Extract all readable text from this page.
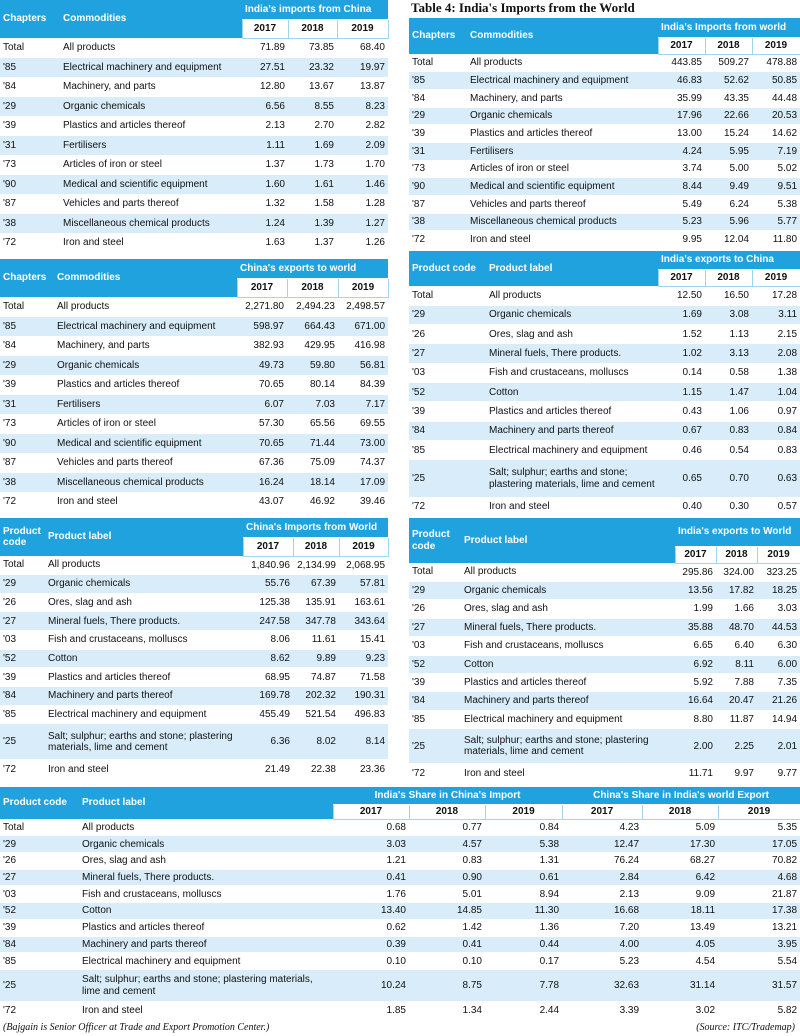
Table 4: India's Imports from the World
Chapters	Commodities	India's imports from China		
		2017	2018	2019
Total	All products	71.89	73.85	68.40
'85	Electrical machinery and equipment	27.51	23.32	19.97
'84	Machinery, and parts	12.80	13.67	13.87
'29	Organic chemicals	6.56	8.55	8.23
'39	Plastics and articles thereof	2.13	2.70	2.82
'31	Fertilisers	1.11	1.69	2.09
'73	Articles of iron or steel	1.37	1.73	1.70
'90	Medical and scientific equipment	1.60	1.61	1.46
'87	Vehicles and parts thereof	1.32	1.58	1.28
'38	Miscellaneous chemical products	1.24	1.39	1.27
'72	Iron and steel	1.63	1.37	1.26
Chapters	Commodities	China's exports to world		
		2017	2018	2019
Total	All products	2,271.80	2,494.23	2,498.57
'85	Electrical machinery and equipment	598.97	664.43	671.00
'84	Machinery, and parts	382.93	429.95	416.98
'29	Organic chemicals	49.73	59.80	56.81
'39	Plastics and articles thereof	70.65	80.14	84.39
'31	Fertilisers	6.07	7.03	7.17
'73	Articles of iron or steel	57.30	65.56	69.55
'90	Medical and scientific equipment	70.65	71.44	73.00
'87	Vehicles and parts thereof	67.36	75.09	74.37
'38	Miscellaneous chemical products	16.24	18.14	17.09
'72	Iron and steel	43.07	46.92	39.46
Product code	Product label	China's Imports from World		
		2017	2018	2019
Total	All products	1,840.96	2,134.99	2,068.95
'29	Organic chemicals	55.76	67.39	57.81
'26	Ores, slag and ash	125.38	135.91	163.61
'27	Mineral fuels, There products.	247.58	347.78	343.64
'03	Fish and crustaceans, molluscs	8.06	11.61	15.41
'52	Cotton	8.62	9.89	9.23
'39	Plastics and articles thereof	68.95	74.87	71.58
'84	Machinery and parts thereof	169.78	202.32	190.31
'85	Electrical machinery and equipment	455.49	521.54	496.83
'25	Salt; sulphur; earths and stone; plastering materials, lime and cement	6.36	8.02	8.14
'72	Iron and steel	21.49	22.38	23.36
Chapters	Commodities	India's Imports from world		
		2017	2018	2019
Total	All products	443.85	509.27	478.88
'85	Electrical machinery and equipment	46.83	52.62	50.85
'84	Machinery, and parts	35.99	43.35	44.48
'29	Organic chemicals	17.96	22.66	20.53
'39	Plastics and articles thereof	13.00	15.24	14.62
'31	Fertilisers	4.24	5.95	7.19
'73	Articles of iron or steel	3.74	5.00	5.02
'90	Medical and scientific equipment	8.44	9.49	9.51
'87	Vehicles and parts thereof	5.49	6.24	5.38
'38	Miscellaneous chemical products	5.23	5.96	5.77
'72	Iron and steel	9.95	12.04	11.80
Product code	Product label	India's exports to China		
		2017	2018	2019
Total	All products	12.50	16.50	17.28
'29	Organic chemicals	1.69	3.08	3.11
'26	Ores, slag and ash	1.52	1.13	2.15
'27	Mineral fuels, There products.	1.02	3.13	2.08
'03	Fish and crustaceans, molluscs	0.14	0.58	1.38
'52	Cotton	1.15	1.47	1.04
'39	Plastics and articles thereof	0.43	1.06	0.97
'84	Machinery and parts thereof	0.67	0.83	0.84
'85	Electrical machinery and equipment	0.46	0.54	0.83
'25	Salt; sulphur; earths and stone; plastering materials, lime and cement	0.65	0.70	0.63
'72	Iron and steel	0.40	0.30	0.57
Product code	Product label	India's exports to World		
		2017	2018	2019
Total	All products	295.86	324.00	323.25
'29	Organic chemicals	13.56	17.82	18.25
'26	Ores, slag and ash	1.99	1.66	3.03
'27	Mineral fuels, There products.	35.88	48.70	44.53
'03	Fish and crustaceans, molluscs	6.65	6.40	6.30
'52	Cotton	6.92	8.11	6.00
'39	Plastics and articles thereof	5.92	7.88	7.35
'84	Machinery and parts thereof	16.64	20.47	21.26
'85	Electrical machinery and equipment	8.80	11.87	14.94
'25	Salt; sulphur; earths and stone; plastering materials, lime and cement	2.00	2.25	2.01
'72	Iron and steel	11.71	9.97	9.77
Product code	Product label	India's Share in China's Import			China's Share in India's world Export		
		2017	2018	2019	2017	2018	2019
Total	All products	0.68	0.77	0.84	4.23	5.09	5.35
'29	Organic chemicals	3.03	4.57	5.38	12.47	17.30	17.05
'26	Ores, slag and ash	1.21	0.83	1.31	76.24	68.27	70.82
'27	Mineral fuels, There products.	0.41	0.90	0.61	2.84	6.42	4.68
'03	Fish and crustaceans, molluscs	1.76	5.01	8.94	2.13	9.09	21.87
'52	Cotton	13.40	14.85	11.30	16.68	18.11	17.38
'39	Plastics and articles thereof	0.62	1.42	1.36	7.20	13.49	13.21
'84	Machinery and parts thereof	0.39	0.41	0.44	4.00	4.05	3.95
'85	Electrical machinery and equipment	0.10	0.10	0.17	5.23	4.54	5.54
'25	Salt; sulphur; earths and stone; plastering materials, lime and cement	10.24	8.75	7.78	32.63	31.14	31.57
'72	Iron and steel	1.85	1.34	2.44	3.39	3.02	5.82
(Bajgain is Senior Officer at Trade and Export Promotion Center.)	(Source: ITC/Trademap)
